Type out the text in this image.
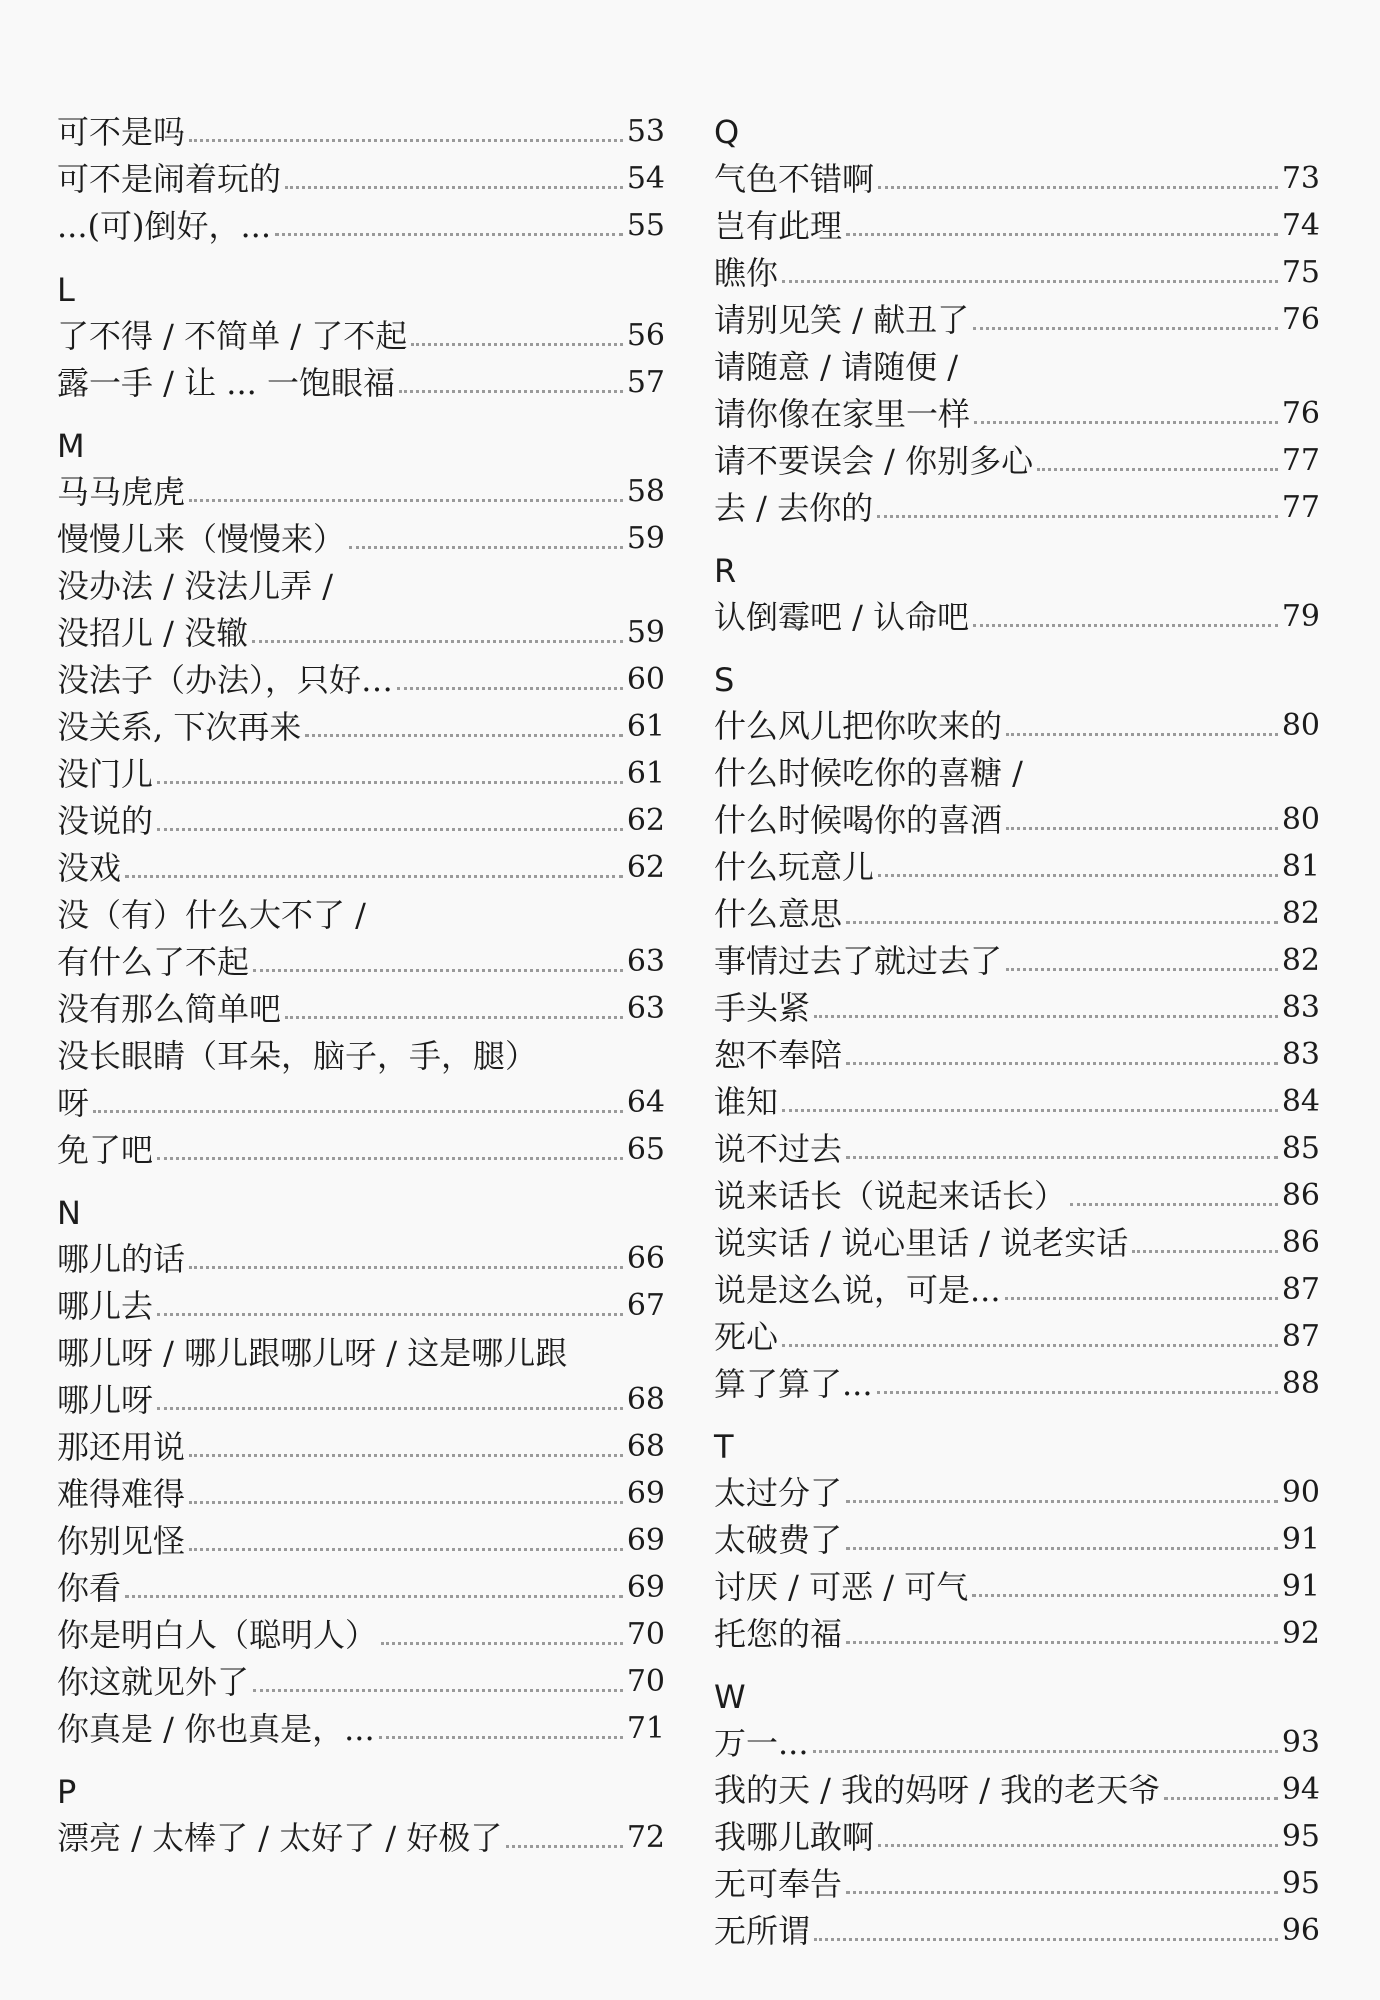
可不是吗	53
可不是闹着玩的	54
...(可)倒好，...	55
L
了不得 / 不简单 / 了不起	56
露一手 / 让 ... 一饱眼福	57
M
马马虎虎	58
慢慢儿来（慢慢来）	59
没办法 / 没法儿弄 /
没招儿 / 没辙	59
没法子（办法），只好…	60
没关系, 下次再来	61
没门儿	61
没说的	62
没戏	62
没（有）什么大不了 /
有什么了不起	63
没有那么简单吧	63
没长眼睛（耳朵，脑子，手，腿）
呀	64
免了吧	65
N
哪儿的话	66
哪儿去	67
哪儿呀 / 哪儿跟哪儿呀 / 这是哪儿跟
哪儿呀	68
那还用说	68
难得难得	69
你别见怪	69
你看	69
你是明白人（聪明人）	70
你这就见外了	70
你真是 / 你也真是，...	71
P
漂亮 / 太棒了 / 太好了 / 好极了	72
Q
气色不错啊	73
岂有此理	74
瞧你	75
请别见笑 / 献丑了	76
请随意 / 请随便 /
请你像在家里一样	76
请不要误会 / 你别多心	77
去 / 去你的	77
R
认倒霉吧 / 认命吧	79
S
什么风儿把你吹来的	80
什么时候吃你的喜糖 /
什么时候喝你的喜酒	80
什么玩意儿	81
什么意思	82
事情过去了就过去了	82
手头紧	83
恕不奉陪	83
谁知	84
说不过去	85
说来话长（说起来话长）	86
说实话 / 说心里话 / 说老实话	86
说是这么说，可是...	87
死心	87
算了算了...	88
T
太过分了	90
太破费了	91
讨厌 / 可恶 / 可气	91
托您的福	92
W
万一...	93
我的天 / 我的妈呀 / 我的老天爷	94
我哪儿敢啊	95
无可奉告	95
无所谓	96
